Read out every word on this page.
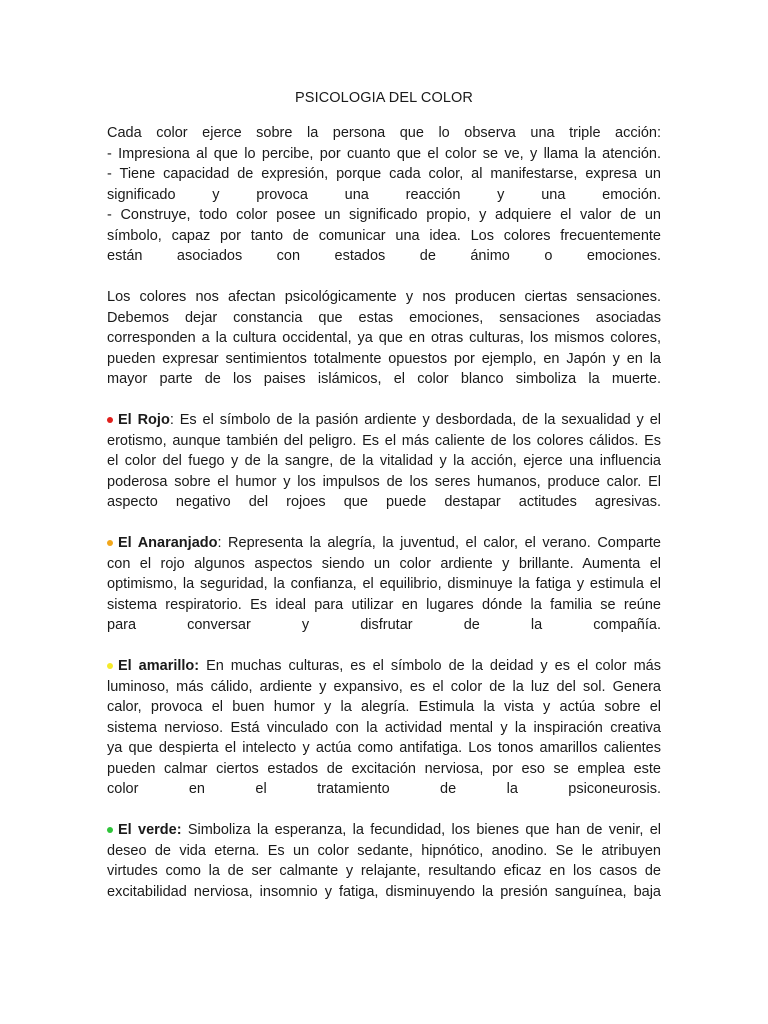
PSICOLOGIA DEL COLOR
Cada color ejerce sobre la persona que lo observa una triple acción:
- Impresiona al que lo percibe, por cuanto que el color se ve, y llama la atención.
- Tiene capacidad de expresión, porque cada color, al manifestarse, expresa un
significado y provoca una reacción y una emoción.
- Construye, todo color posee un significado propio, y adquiere el valor de un
símbolo, capaz por tanto de comunicar una idea. Los colores frecuentemente
están asociados con estados de ánimo o emociones.
Los colores nos afectan psicológicamente y nos producen ciertas sensaciones.
Debemos dejar constancia que estas emociones, sensaciones asociadas
corresponden a la cultura occidental, ya que en otras culturas, los mismos colores,
pueden expresar sentimientos totalmente opuestos por ejemplo, en Japón y en la
mayor parte de los paises islámicos, el color blanco simboliza la muerte.
El Rojo: Es el símbolo de la pasión ardiente y desbordada, de la sexualidad y el
erotismo, aunque también del peligro. Es el más caliente de los colores cálidos. Es
el color del fuego y de la sangre, de la vitalidad y la acción, ejerce una influencia
poderosa sobre el humor y los impulsos de los seres humanos, produce calor. El
aspecto negativo del rojoes que puede destapar actitudes agresivas.
El Anaranjado: Representa la alegría, la juventud, el calor, el verano. Comparte
con el rojo algunos aspectos siendo un color ardiente y brillante. Aumenta el
optimismo, la seguridad, la confianza, el equilibrio, disminuye la fatiga y estimula el
sistema respiratorio. Es ideal para utilizar en lugares dónde la familia se reúne
para conversar y disfrutar de la compañía.
El amarillo: En muchas culturas, es el símbolo de la deidad y es el color más
luminoso, más cálido, ardiente y expansivo, es el color de la luz del sol. Genera
calor, provoca el buen humor y la alegría. Estimula la vista y actúa sobre el
sistema nervioso. Está vinculado con la actividad mental y la inspiración creativa
ya que despierta el intelecto y actúa como antifatiga. Los tonos amarillos calientes
pueden calmar ciertos estados de excitación nerviosa, por eso se emplea este
color en el tratamiento de la psiconeurosis.
El verde: Simboliza la esperanza, la fecundidad, los bienes que han de venir, el
deseo de vida eterna. Es un color sedante, hipnótico, anodino. Se le atribuyen
virtudes como la de ser calmante y relajante, resultando eficaz en los casos de
excitabilidad nerviosa, insomnio y fatiga, disminuyendo la presión sanguínea, baja
